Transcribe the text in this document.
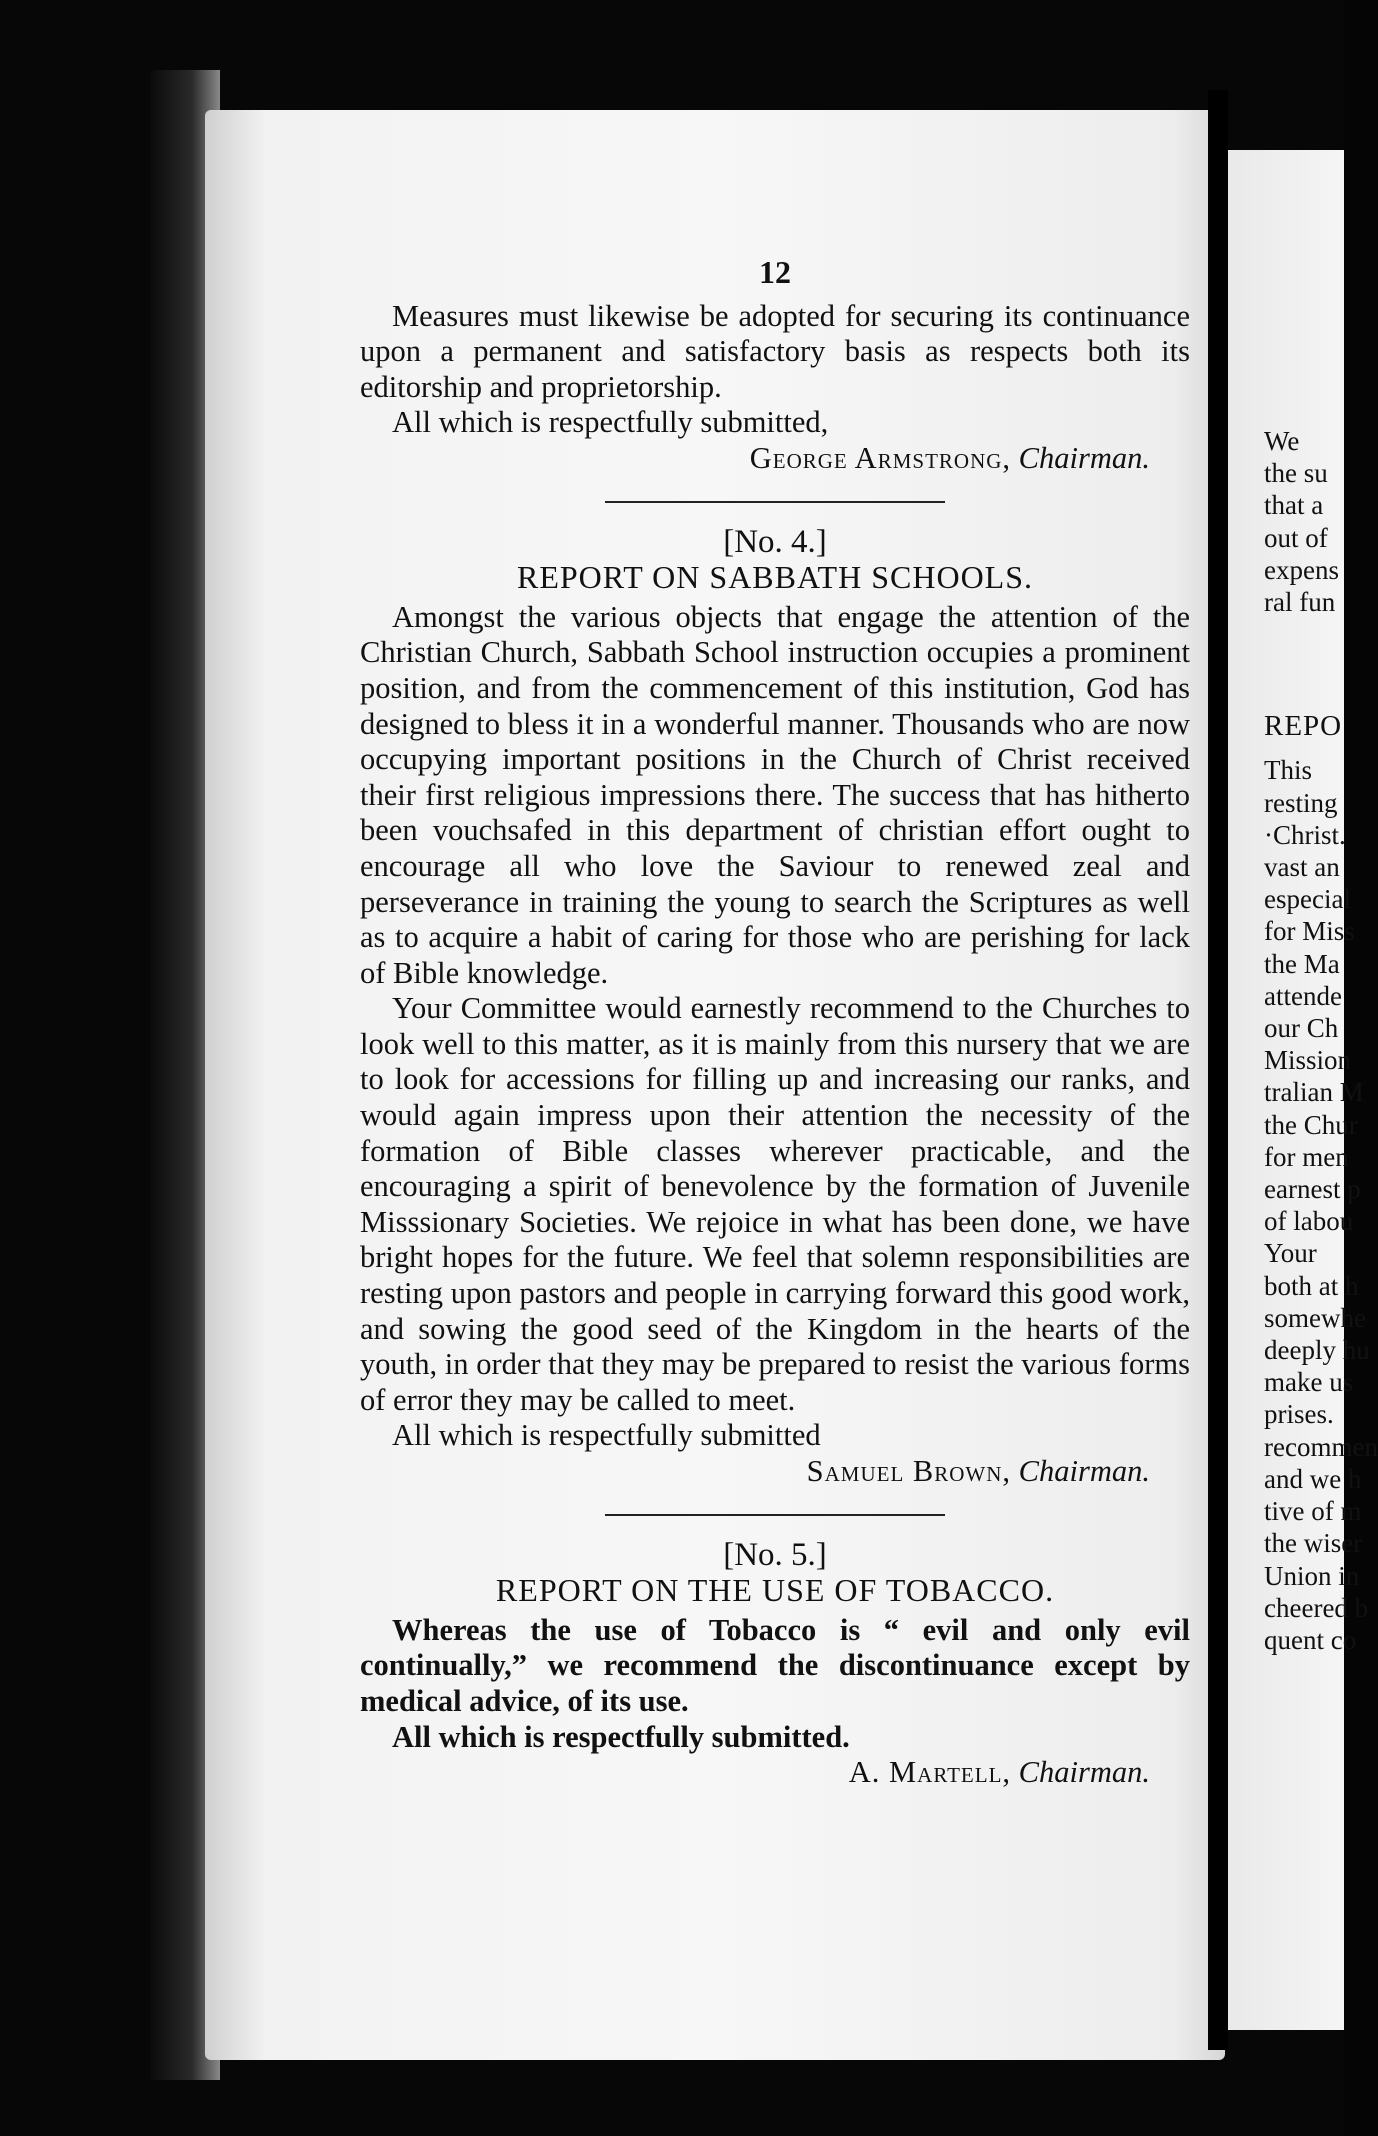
12

Measures must likewise be adopted for securing its continuance upon a permanent and satisfactory basis as respects both its editorship and proprietorship.

All which is respectfully submitted,

George Armstrong, Chairman.

[No. 4.]

REPORT ON SABBATH SCHOOLS.

Amongst the various objects that engage the attention of the Christian Church, Sabbath School instruction occupies a prominent position, and from the commencement of this institution, God has designed to bless it in a wonderful manner. Thousands who are now occupying important positions in the Church of Christ received their first religious impressions there. The success that has hitherto been vouchsafed in this department of christian effort ought to encourage all who love the Saviour to renewed zeal and perseverance in training the young to search the Scriptures as well as to acquire a habit of caring for those who are perishing for lack of Bible knowledge.

Your Committee would earnestly recommend to the Churches to look well to this matter, as it is mainly from this nursery that we are to look for accessions for filling up and increasing our ranks, and would again impress upon their attention the necessity of the formation of Bible classes wherever practicable, and the encouraging a spirit of benevolence by the formation of Juvenile Misssionary Societies. We rejoice in what has been done, we have bright hopes for the future. We feel that solemn responsibilities are resting upon pastors and people in carrying forward this good work, and sowing the good seed of the Kingdom in the hearts of the youth, in order that they may be prepared to resist the various forms of error they may be called to meet.

All which is respectfully submitted

Samuel Brown, Chairman.

[No. 5.]

REPORT ON THE USE OF TOBACCO.

Whereas the use of Tobacco is “ evil and only evil continually,” we recommend the discontinuance except by medical advice, of its use.

All which is respectfully submitted.

A. Martell, Chairman.

We
the su
that a
out of
expens
ral fun
REPO
This
resting
·Christ.
vast an
especial
for Miss
the Ma
attende
our Ch
Mission
tralian M
the Chur
for men
earnest p
of labou
Your
both at h
somewhe
deeply hu
make us
prises.
recommen
and we h
tive of m
the wiser
Union in
cheered b
quent co
